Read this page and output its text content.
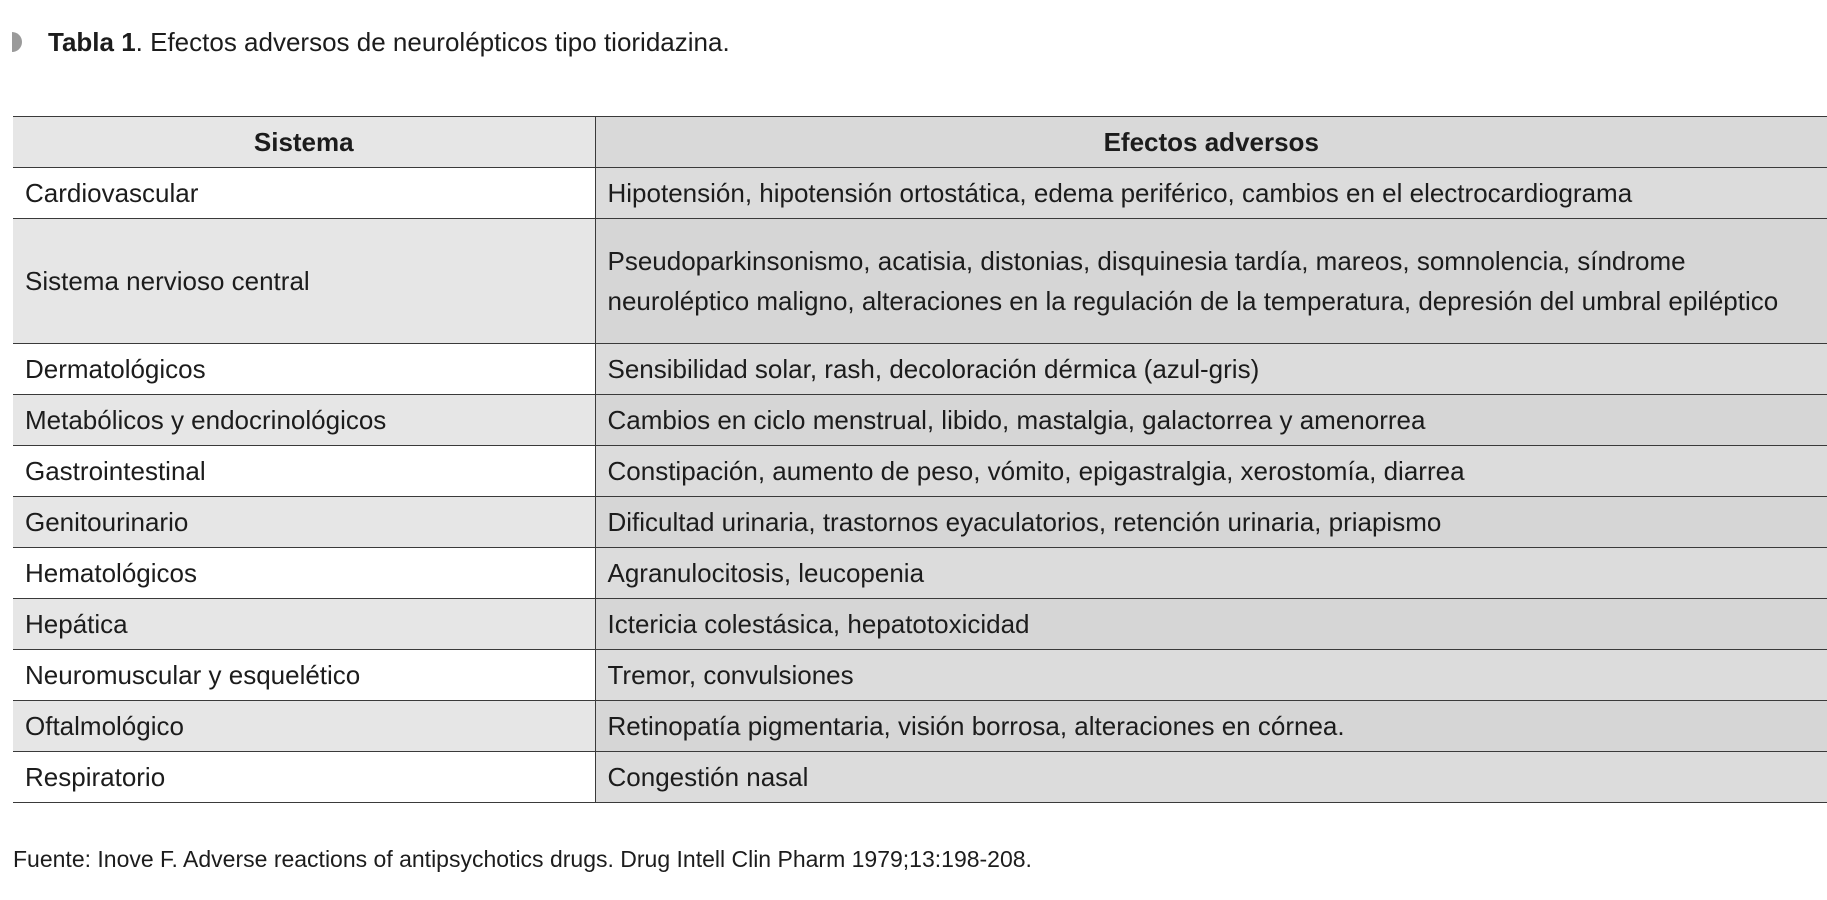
Tabla 1 . Efectos adversos de neurolépticos tipo tioridazina.
Sistema	Efectos adversos
Cardiovascular	Hipotensión, hipotensión ortostática, edema periférico, cambios en el electrocardiograma
Sistema nervioso central	Pseudoparkinsonismo, acatisia, distonias, disquinesia tardía, mareos, somnolencia, síndrome neuroléptico maligno, alteraciones en la regulación de la temperatura, depresión del umbral epiléptico
Dermatológicos	Sensibilidad solar, rash, decoloración dérmica (azul-gris)
Metabólicos y endocrinológicos	Cambios en ciclo menstrual, libido, mastalgia, galactorrea y amenorrea
Gastrointestinal	Constipación, aumento de peso, vómito, epigastralgia, xerostomía, diarrea
Genitourinario	Dificultad urinaria, trastornos eyaculatorios, retención urinaria, priapismo
Hematológicos	Agranulocitosis, leucopenia
Hepática	Ictericia colestásica, hepatotoxicidad
Neuromuscular y esquelético	Tremor, convulsiones
Oftalmológico	Retinopatía pigmentaria, visión borrosa, alteraciones en córnea.
Respiratorio	Congestión nasal
Fuente: Inove F. Adverse reactions of antipsychotics drugs. Drug Intell Clin Pharm 1979;13:198-208.
